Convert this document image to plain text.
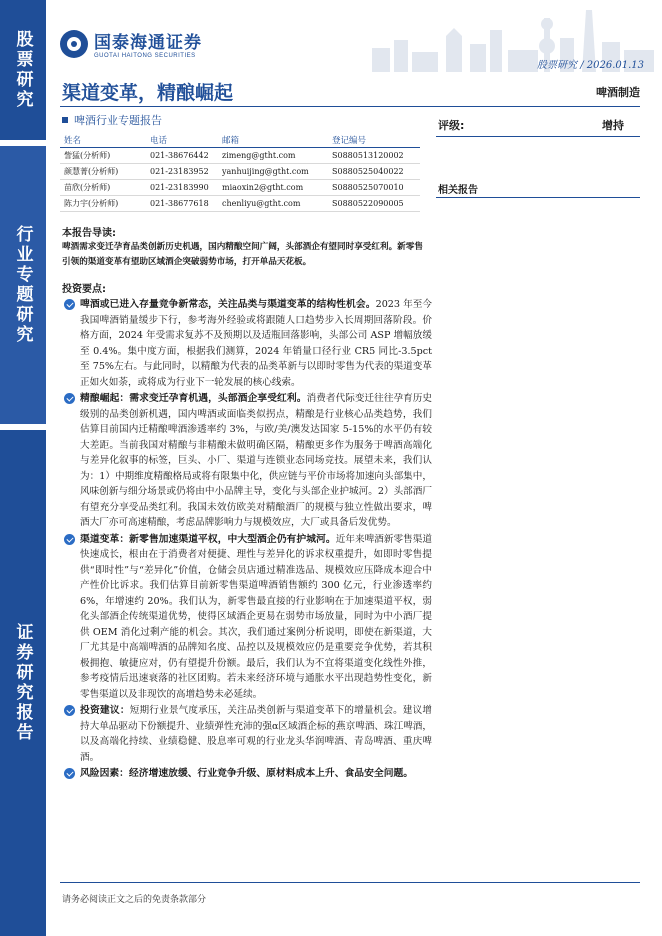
股票研究
行业专题研究
证券研究报告
国泰海通证券
GUOTAI HAITONG SECURITIES
股票研究 / 2026.01.13
渠道变革，精酿崛起	啤酒制造
啤酒行业专题报告
姓名	电话	邮箱	登记编号
訾猛(分析师)	021-38676442	zimeng@gtht.com	S0880513120002
颜慧菁(分析师)	021-23183952	yanhuijing@gtht.com	S0880525040022
苗欣(分析师)	021-23183990	miaoxin2@gtht.com	S0880525070010
陈力宇(分析师)	021-38677618	chenliyu@gtht.com	S0880522090005
评级:	增持
相关报告
本报告导读:
啤酒需求变迁孕育品类创新历史机遇，国内精酿空间广阔，头部酒企有望同时享受红利。新零售引领的渠道变革有望助区域酒企突破弱势市场，打开单品天花板。
投资要点:
啤酒或已进入存量竞争新常态，关注品类与渠道变革的结构性机会。2023 年至今我国啤酒销量缓步下行，参考海外经验或将跟随人口趋势步入长周期回落阶段。价格方面，2024 年受需求复苏不及预期以及适瓶回落影响，头部公司 ASP 增幅放缓至 0.4%。集中度方面，根据我们测算，2024 年销量口径行业 CR5 同比-3.5pct 至 75%左右。与此同时，以精酿为代表的品类革新与以即时零售为代表的渠道变革正如火如荼，或将成为行业下一轮发展的核心线索。
精酿崛起：需求变迁孕育机遇，头部酒企享受红利。消费者代际变迁往往孕育历史级别的品类创新机遇，国内啤酒或面临类似拐点，精酿是行业核心品类趋势，我们估算目前国内迁精酿啤酒渗透率约 3%，与欧/美/澳发达国家 5-15%的水平仍有较大差距。当前我国对精酿与非精酿未做明确区隔，精酿更多作为服务于啤酒高端化与差异化叙事的标签，巨头、小厂、渠道与连锁业态同场竞技。展望未来，我们认为：1）中期维度精酿格局或将有限集中化，供应链与平价市场将加速向头部集中，风味创新与细分场景或仍将由中小品牌主导，变化与头部企业护城河。2）头部酒厂有望充分享受品类红利。我国未效仿欧美对精酿酒厂的规模与独立性做出要求，啤酒大厂亦可高速精酿，考虑品牌影响力与规模效应，大厂或具备后发优势。
渠道变革：新零售加速渠道平权，中大型酒企仍有护城河。近年来啤酒新零售渠道快速成长，根由在于消费者对便捷、理性与差异化的诉求权重提升，如即时零售提供“即时性”与“差异化”价值，仓储会员店通过精准选品、规模效应压降成本迎合中产性价比诉求。我们估算目前新零售渠道啤酒销售额约 300 亿元，行业渗透率约 6%，年增速约 20%。我们认为，新零售最直接的行业影响在于加速渠道平权，弱化头部酒企传统渠道优势，使得区域酒企更易在弱势市场放量，同时为中小酒厂提供 OEM 消化过剩产能的机会。其次，我们通过案例分析说明，即使在新渠道，大厂尤其是中高端啤酒的品牌知名度、品控以及规模效应仍是重要竞争优势，若其积极拥抱、敏捷应对，仍有望提升份额。最后，我们认为不宜将渠道变化线性外推，参考疫情后迅速衰落的社区团购。若未来经济环境与通胀水平出现趋势性变化，新零售渠道以及非现饮的高增趋势未必延续。
投资建议：短期行业景气度承压，关注品类创新与渠道变革下的增量机会。建议增持大单品驱动下份额提升、业绩弹性充沛的强α区域酒企标的燕京啤酒、珠江啤酒，以及高端化持续、业绩稳健、股息率可观的行业龙头华润啤酒、青岛啤酒、重庆啤酒。
风险因素：经济增速放缓、行业竞争升级、原材料成本上升、食品安全问题。
请务必阅读正文之后的免责条款部分
